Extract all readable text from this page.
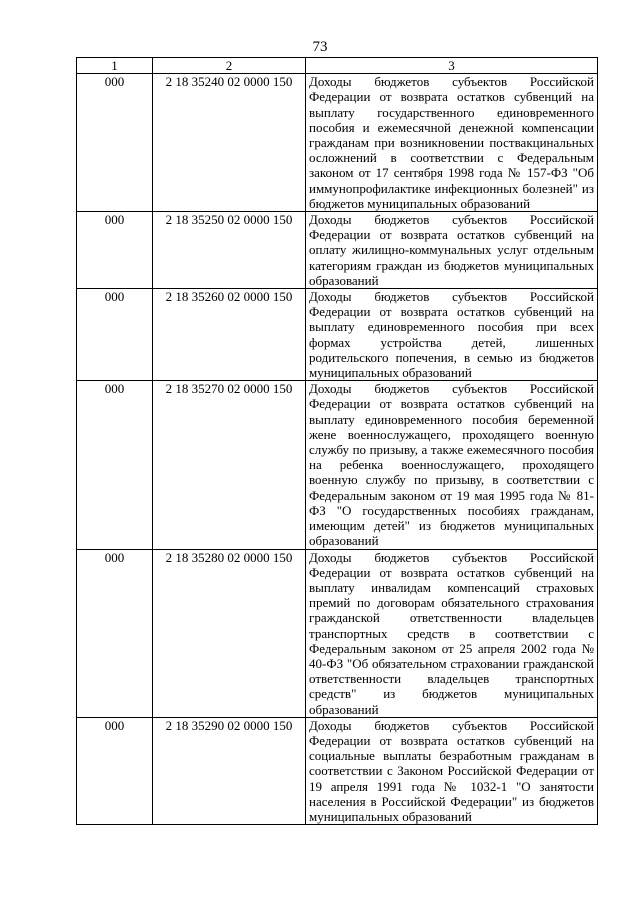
73
1	2	3
000	2 18 35240 02 0000 150	Доходы бюджетов субъектов Российской Федерации от возврата остатков субвенций на выплату государственного единовременного пособия и ежемесячной денежной компенсации гражданам при возникновении поствакцинальных осложнений в соответствии с Федеральным законом от 17 сентября 1998 года № 157-ФЗ "Об иммунопрофилактике инфекционных болезней" из бюджетов муниципальных образований
000	2 18 35250 02 0000 150	Доходы бюджетов субъектов Российской Федерации от возврата остатков субвенций на оплату жилищно-коммунальных услуг отдельным категориям граждан из бюджетов муниципальных образований
000	2 18 35260 02 0000 150	Доходы бюджетов субъектов Российской Федерации от возврата остатков субвенций на выплату единовременного пособия при всех формах устройства детей, лишенных родительского попечения, в семью из бюджетов муниципальных образований
000	2 18 35270 02 0000 150	Доходы бюджетов субъектов Российской Федерации от возврата остатков субвенций на выплату единовременного пособия беременной жене военнослужащего, проходящего военную службу по призыву, а также ежемесячного пособия на ребенка военнослужащего, проходящего военную службу по призыву, в соответствии с Федеральным законом от 19 мая 1995 года № 81-ФЗ "О государственных пособиях гражданам, имеющим детей" из бюджетов муниципальных образований
000	2 18 35280 02 0000 150	Доходы бюджетов субъектов Российской Федерации от возврата остатков субвенций на выплату инвалидам компенсаций страховых премий по договорам обязательного страхования гражданской ответственности владельцев транспортных средств в соответствии с Федеральным законом от 25 апреля 2002 года № 40-ФЗ "Об обязательном страховании гражданской ответственности владельцев транспортных средств" из бюджетов муниципальных образований
000	2 18 35290 02 0000 150	Доходы бюджетов субъектов Российской Федерации от возврата остатков субвенций на социальные выплаты безработным гражданам в соответствии с Законом Российской Федерации от 19 апреля 1991 года № 1032-1 "О занятости населения в Российской Федерации" из бюджетов муниципальных образований
